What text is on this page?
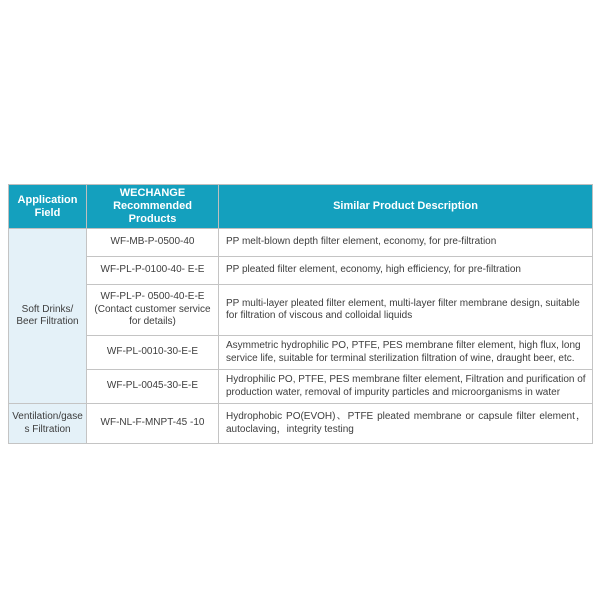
Application Field	WECHANGE Recommended Products	Similar Product Description
Soft Drinks/ Beer Filtration	WF-MB-P-0500-40	PP melt-blown depth filter element, economy, for pre-filtration
	WF-PL-P-0100-40- E-E	PP pleated filter element, economy, high efficiency, for pre-filtration
	WF-PL-P- 0500-40-E-E (Contact customer service for details)	PP multi-layer pleated filter element, multi-layer filter membrane design, suitable for filtration of viscous and colloidal liquids
	WF-PL-0010-30-E-E	Asymmetric hydrophilic PO, PTFE, PES membrane filter element, high flux, long service life, suitable for terminal sterilization filtration of wine, draught beer, etc.
	WF-PL-0045-30-E-E	Hydrophilic PO, PTFE, PES membrane filter element, Filtration and purification of production water, removal of impurity particles and microorganisms in water
Ventilation/gase s Filtration	WF-NL-F-MNPT-45 -10	Hydrophobic PO(EVOH)、PTFE pleated membrane or capsule filter element，autoclaving，integrity testing
